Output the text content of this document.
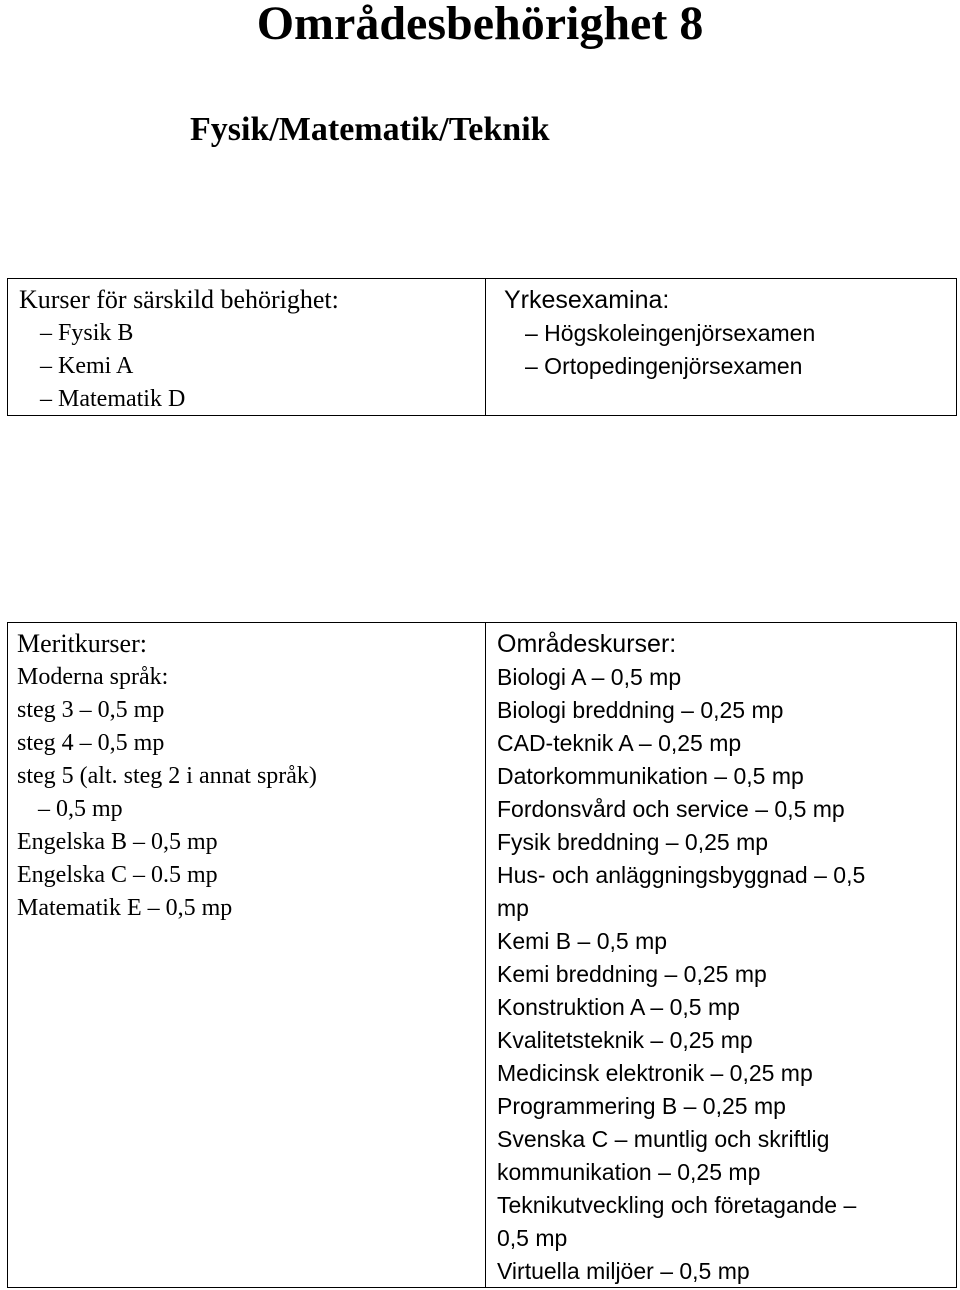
Områdesbehörighet 8
Fysik/Matematik/Teknik
Kurser för särskild behörighet:
– Fysik B
– Kemi A
– Matematik D
Yrkesexamina:
– Högskoleingenjörsexamen
– Ortopedingenjörsexamen
Meritkurser:
Moderna språk:
steg 3 – 0,5 mp
steg 4 – 0,5 mp
steg 5 (alt. steg 2 i annat språk)
– 0,5 mp
Engelska B – 0,5 mp
Engelska C – 0.5 mp
Matematik E – 0,5 mp
Områdeskurser:
Biologi A – 0,5 mp
Biologi breddning – 0,25 mp
CAD-teknik A – 0,25 mp
Datorkommunikation – 0,5 mp
Fordonsvård och service – 0,5 mp
Fysik breddning – 0,25 mp
Hus- och anläggningsbyggnad – 0,5
mp
Kemi B – 0,5 mp
Kemi breddning – 0,25 mp
Konstruktion A – 0,5 mp
Kvalitetsteknik – 0,25 mp
Medicinsk elektronik – 0,25 mp
Programmering B – 0,25 mp
Svenska C – muntlig och skriftlig
kommunikation – 0,25 mp
Teknikutveckling och företagande –
0,5 mp
Virtuella miljöer – 0,5 mp
